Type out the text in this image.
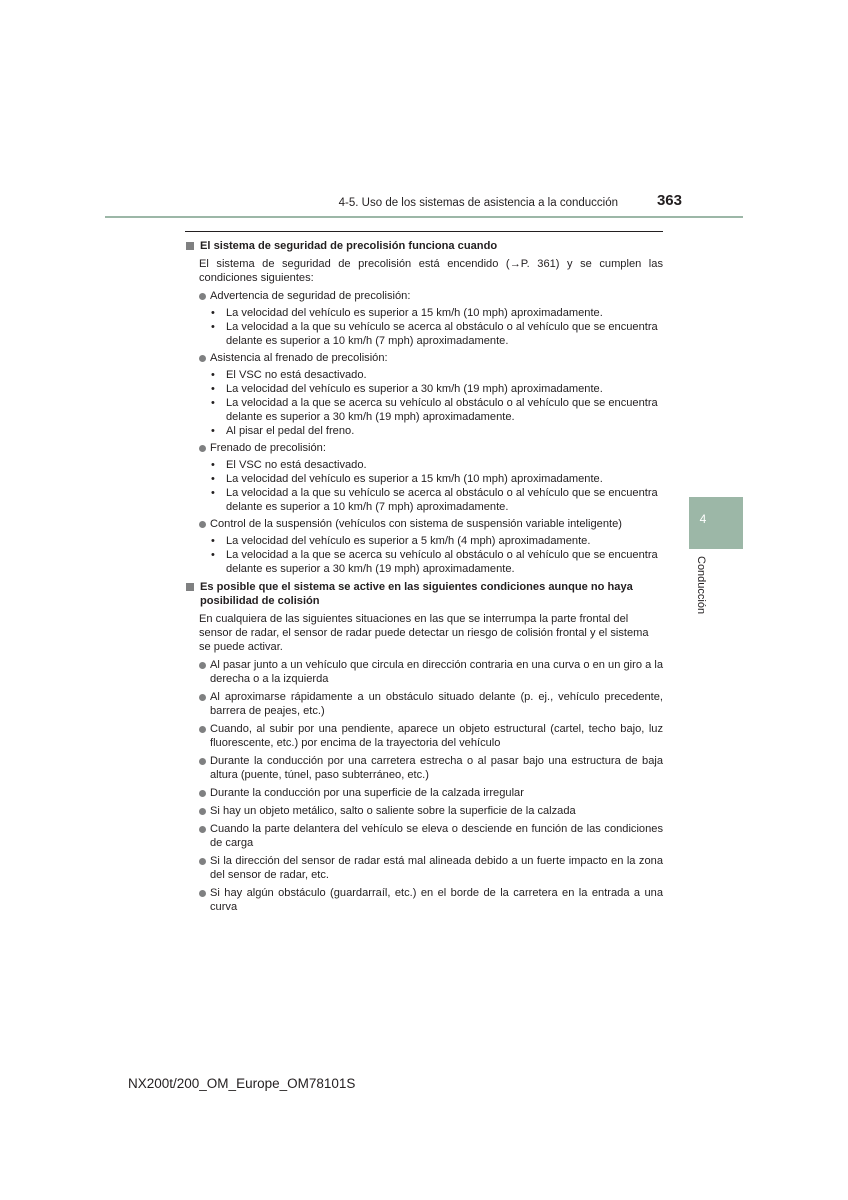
4-5. Uso de los sistemas de asistencia a la conducción	363
El sistema de seguridad de precolisión funciona cuando
El sistema de seguridad de precolisión está encendido (→P. 361) y se cumplen las condiciones siguientes:
Advertencia de seguridad de precolisión:
•	La velocidad del vehículo es superior a 15 km/h (10 mph) aproximadamente.
•	La velocidad a la que su vehículo se acerca al obstáculo o al vehículo que se encuentra delante es superior a 10 km/h (7 mph) aproximadamente.
Asistencia al frenado de precolisión:
•	El VSC no está desactivado.
•	La velocidad del vehículo es superior a 30 km/h (19 mph) aproximadamente.
•	La velocidad a la que se acerca su vehículo al obstáculo o al vehículo que se encuentra delante es superior a 30 km/h (19 mph) aproximadamente.
•	Al pisar el pedal del freno.
Frenado de precolisión:
•	El VSC no está desactivado.
•	La velocidad del vehículo es superior a 15 km/h (10 mph) aproximadamente.
•	La velocidad a la que su vehículo se acerca al obstáculo o al vehículo que se encuentra delante es superior a 10 km/h (7 mph) aproximadamente.
Control de la suspensión (vehículos con sistema de suspensión variable inteligente)
•	La velocidad del vehículo es superior a 5 km/h (4 mph) aproximadamente.
•	La velocidad a la que se acerca su vehículo al obstáculo o al vehículo que se encuentra delante es superior a 30 km/h (19 mph) aproximadamente.
Es posible que el sistema se active en las siguientes condiciones aunque no haya posibilidad de colisión
En cualquiera de las siguientes situaciones en las que se interrumpa la parte frontal del sensor de radar, el sensor de radar puede detectar un riesgo de colisión frontal y el sistema se puede activar.
Al pasar junto a un vehículo que circula en dirección contraria en una curva o en un giro a la derecha o a la izquierda
Al aproximarse rápidamente a un obstáculo situado delante (p. ej., vehículo precedente, barrera de peajes, etc.)
Cuando, al subir por una pendiente, aparece un objeto estructural (cartel, techo bajo, luz fluorescente, etc.) por encima de la trayectoria del vehículo
Durante la conducción por una carretera estrecha o al pasar bajo una estructura de baja altura (puente, túnel, paso subterráneo, etc.)
Durante la conducción por una superficie de la calzada irregular
Si hay un objeto metálico, salto o saliente sobre la superficie de la calzada
Cuando la parte delantera del vehículo se eleva o desciende en función de las condiciones de carga
Si la dirección del sensor de radar está mal alineada debido a un fuerte impacto en la zona del sensor de radar, etc.
Si hay algún obstáculo (guardarraíl, etc.) en el borde de la carretera en la entrada a una curva
4
Conducción
NX200t/200_OM_Europe_OM78101S
